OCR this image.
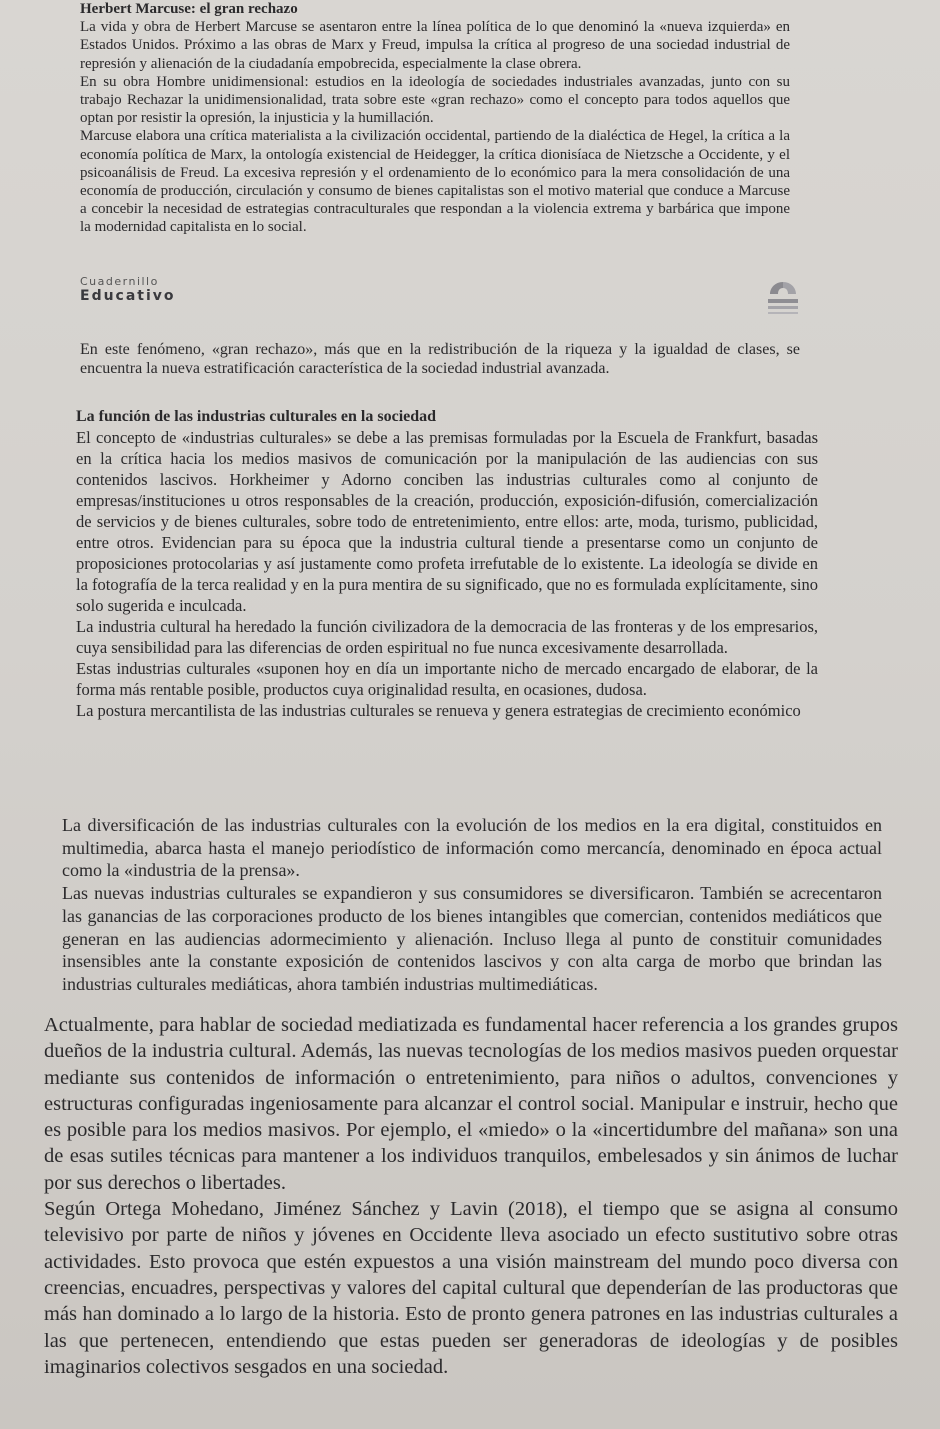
Herbert Marcuse: el gran rechazo

La vida y obra de Herbert Marcuse se asentaron entre la línea política de lo que denominó la «nueva izquierda» en Estados Unidos. Próximo a las obras de Marx y Freud, impulsa la crítica al progreso de una sociedad industrial de represión y alienación de la ciudadanía empobrecida, especialmente la clase obrera.

En su obra Hombre unidimensional: estudios en la ideología de sociedades industriales avanzadas, junto con su trabajo Rechazar la unidimensionalidad, trata sobre este «gran rechazo» como el concepto para todos aquellos que optan por resistir la opresión, la injusticia y la humillación.

Marcuse elabora una crítica materialista a la civilización occidental, partiendo de la dialéctica de Hegel, la crítica a la economía política de Marx, la ontología existencial de Heidegger, la crítica dionisíaca de Nietzsche a Occidente, y el psicoanálisis de Freud. La excesiva represión y el ordenamiento de lo económico para la mera consolidación de una economía de producción, circulación y consumo de bienes capitalistas son el motivo material que conduce a Marcuse a concebir la necesidad de estrategias contraculturales que respondan a la violencia extrema y barbárica que impone la modernidad capitalista en lo social.

Cuadernillo
Educativo

En este fenómeno, «gran rechazo», más que en la redistribución de la riqueza y la igualdad de clases, se encuentra la nueva estratificación característica de la sociedad industrial avanzada.

La función de las industrias culturales en la sociedad

El concepto de «industrias culturales» se debe a las premisas formuladas por la Escuela de Frankfurt, basadas en la crítica hacia los medios masivos de comunicación por la manipulación de las audiencias con sus contenidos lascivos. Horkheimer y Adorno conciben las industrias culturales como al conjunto de empresas/instituciones u otros responsables de la creación, producción, exposición-difusión, comercialización de servicios y de bienes culturales, sobre todo de entretenimiento, entre ellos: arte, moda, turismo, publicidad, entre otros. Evidencian para su época que la industria cultural tiende a presentarse como un conjunto de proposiciones protocolarias y así justamente como profeta irrefutable de lo existente. La ideología se divide en la fotografía de la terca realidad y en la pura mentira de su significado, que no es formulada explícitamente, sino solo sugerida e inculcada.

La industria cultural ha heredado la función civilizadora de la democracia de las fronteras y de los empresarios, cuya sensibilidad para las diferencias de orden espiritual no fue nunca excesivamente desarrollada.

Estas industrias culturales «suponen hoy en día un importante nicho de mercado encargado de elaborar, de la forma más rentable posible, productos cuya originalidad resulta, en ocasiones, dudosa.

La postura mercantilista de las industrias culturales se renueva y genera estrategias de crecimiento económico

La diversificación de las industrias culturales con la evolución de los medios en la era digital, constituidos en multimedia, abarca hasta el manejo periodístico de información como mercancía, denominado en época actual como la «industria de la prensa».

Las nuevas industrias culturales se expandieron y sus consumidores se diversificaron. También se acrecentaron las ganancias de las corporaciones producto de los bienes intangibles que comercian, contenidos mediáticos que generan en las audiencias adormecimiento y alienación. Incluso llega al punto de constituir comunidades insensibles ante la constante exposición de contenidos lascivos y con alta carga de morbo que brindan las industrias culturales mediáticas, ahora también industrias multimediáticas.

Actualmente, para hablar de sociedad mediatizada es fundamental hacer referencia a los grandes grupos dueños de la industria cultural. Además, las nuevas tecnologías de los medios masivos pueden orquestar mediante sus contenidos de información o entretenimiento, para niños o adultos, convenciones y estructuras configuradas ingeniosamente para alcanzar el control social. Manipular e instruir, hecho que es posible para los medios masivos. Por ejemplo, el «miedo» o la «incertidumbre del mañana» son una de esas sutiles técnicas para mantener a los individuos tranquilos, embelesados y sin ánimos de luchar por sus derechos o libertades.

Según Ortega Mohedano, Jiménez Sánchez y Lavin (2018), el tiempo que se asigna al consumo televisivo por parte de niños y jóvenes en Occidente lleva asociado un efecto sustitutivo sobre otras actividades. Esto provoca que estén expuestos a una visión mainstream del mundo poco diversa con creencias, encuadres, perspectivas y valores del capital cultural que dependerían de las productoras que más han dominado a lo largo de la historia. Esto de pronto genera patrones en las industrias culturales a las que pertenecen, entendiendo que estas pueden ser generadoras de ideologías y de posibles imaginarios colectivos sesgados en una sociedad.
